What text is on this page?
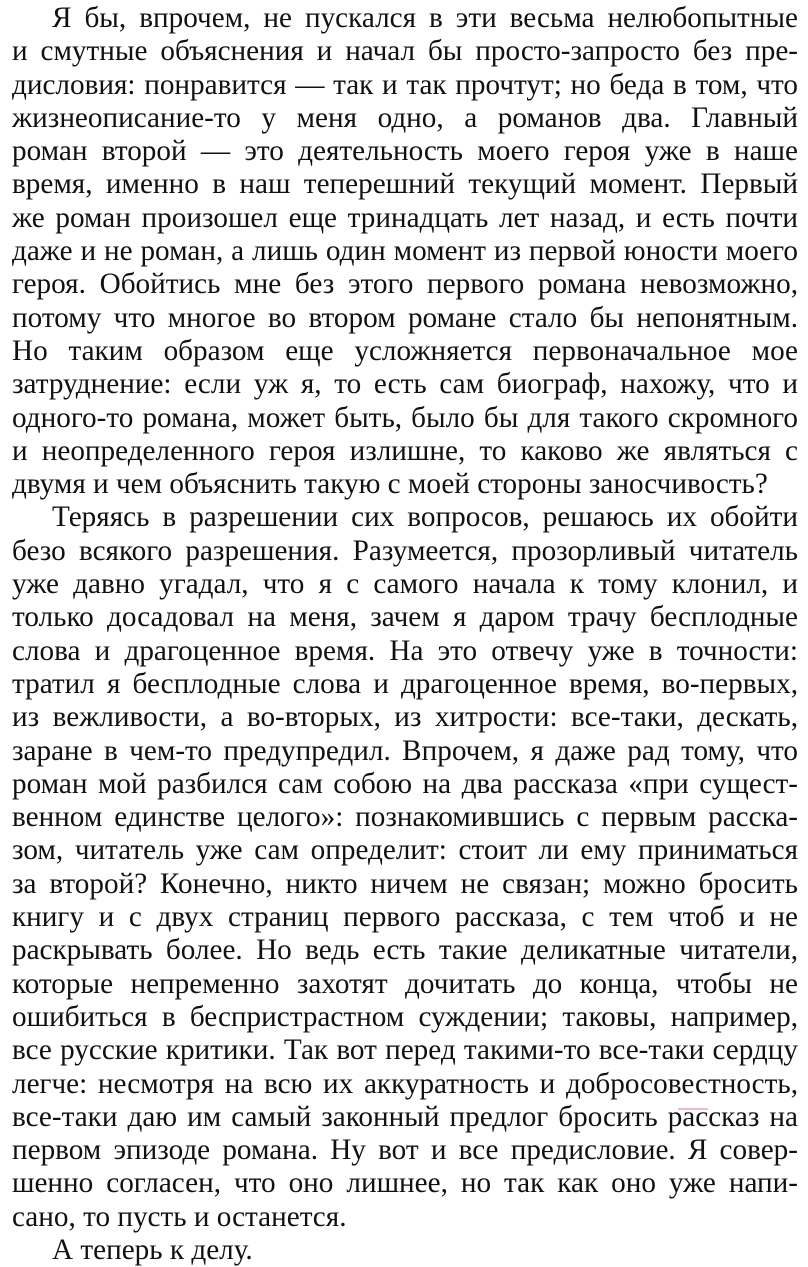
Я бы, впрочем, не пускался в эти весьма нелюбопытные
и смутные объяснения и начал бы просто-запросто без пре-
дисловия: понравится — так и так прочтут; но беда в том, что
жизнеописание-то у меня одно, а романов два. Главный
роман второй — это деятельность моего героя уже в наше
время, именно в наш теперешний текущий момент. Первый
же роман произошел еще тринадцать лет назад, и есть почти
даже и не роман, а лишь один момент из первой юности моего
героя. Обойтись мне без этого первого романа невозможно,
потому что многое во втором романе стало бы непонятным.
Но таким образом еще усложняется первоначальное мое
затруднение: если уж я, то есть сам биограф, нахожу, что и
одного-то романа, может быть, было бы для такого скромного
и неопределенного героя излишне, то каково же являться с
двумя и чем объяснить такую с моей стороны заносчивость?
Теряясь в разрешении сих вопросов, решаюсь их обойти
безо всякого разрешения. Разумеется, прозорливый читатель
уже давно угадал, что я с самого начала к тому клонил, и
только досадовал на меня, зачем я даром трачу бесплодные
слова и драгоценное время. На это отвечу уже в точности:
тратил я бесплодные слова и драгоценное время, во-первых,
из вежливости, а во-вторых, из хитрости: все-таки, дескать,
заране в чем-то предупредил. Впрочем, я даже рад тому, что
роман мой разбился сам собою на два рассказа «при сущест-
венном единстве целого»: познакомившись с первым расска-
зом, читатель уже сам определит: стоит ли ему приниматься
за второй? Конечно, никто ничем не связан; можно бросить
книгу и с двух страниц первого рассказа, с тем чтоб и не
раскрывать более. Но ведь есть такие деликатные читатели,
которые непременно захотят дочитать до конца, чтобы не
ошибиться в беспристрастном суждении; таковы, например,
все русские критики. Так вот перед такими-то все-таки сердцу
легче: несмотря на всю их аккуратность и добросовестность,
все-таки даю им самый законный предлог бросить рассказ на
первом эпизоде романа. Ну вот и все предисловие. Я совер-
шенно согласен, что оно лишнее, но так как оно уже напи-
сано, то пусть и останется.
А теперь к делу.
